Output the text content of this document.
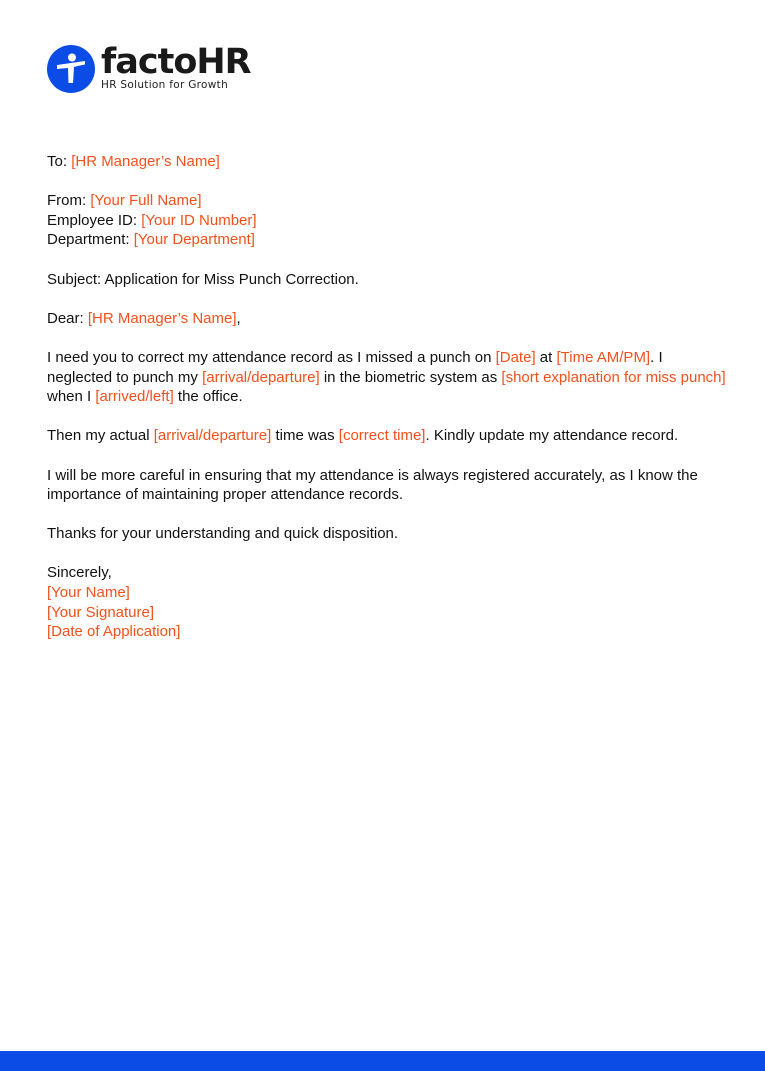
factoHR
HR Solution for Growth

To: [HR Manager’s Name]

From: [Your Full Name]
Employee ID: [Your ID Number]
Department: [Your Department]

Subject: Application for Miss Punch Correction.

Dear: [HR Manager’s Name],

I need you to correct my attendance record as I missed a punch on [Date] at [Time AM/PM]. I neglected to punch my [arrival/departure] in the biometric system as [short explanation for miss punch] when I [arrived/left] the office.

Then my actual [arrival/departure] time was [correct time]. Kindly update my attendance record.

I will be more careful in ensuring that my attendance is always registered accurately, as I know the importance of maintaining proper attendance records.

Thanks for your understanding and quick disposition.

Sincerely,
[Your Name]
[Your Signature]
[Date of Application]
